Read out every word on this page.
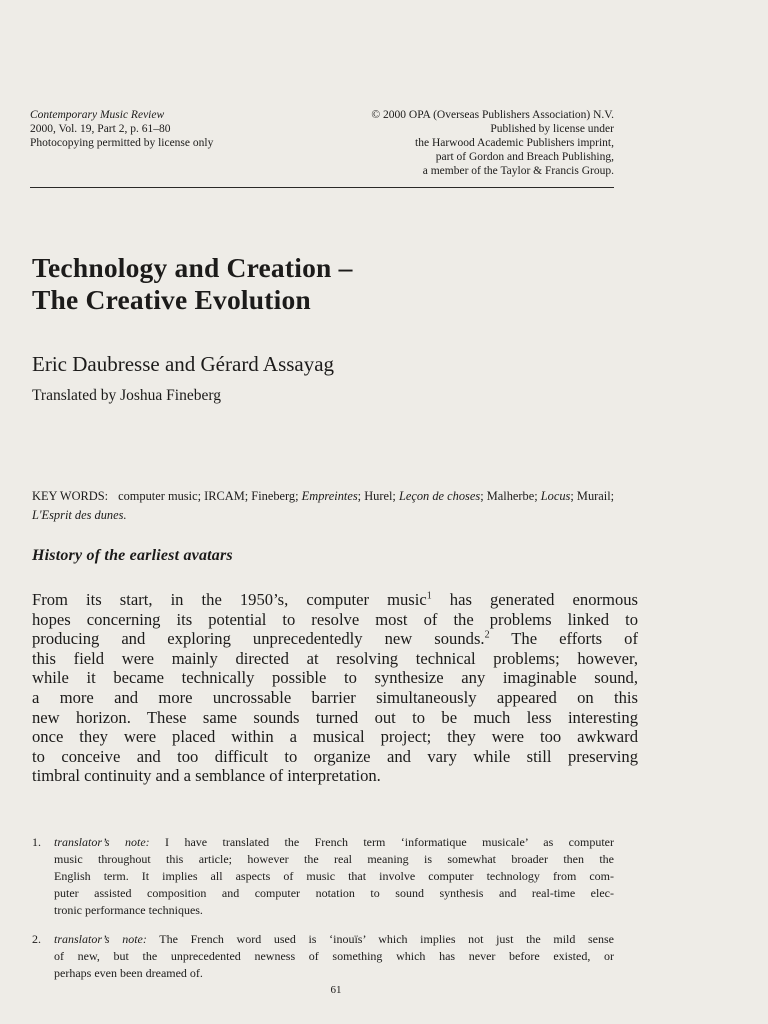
Contemporary Music Review
2000, Vol. 19, Part 2, p. 61–80
Photocopying permitted by license only
© 2000 OPA (Overseas Publishers Association) N.V.
Published by license under
the Harwood Academic Publishers imprint,
part of Gordon and Breach Publishing,
a member of the Taylor & Francis Group.
Technology and Creation –
The Creative Evolution
Eric Daubresse and Gérard Assayag
Translated by Joshua Fineberg
KEY WORDS: computer music; IRCAM; Fineberg; Empreintes; Hurel; Leçon de choses; Malherbe; Locus; Murail; L'Esprit des dunes.
History of the earliest avatars
From its start, in the 1950’s, computer music$^1$ has generated enormous
hopes concerning its potential to resolve most of the problems linked to
producing and exploring unprecedentedly new sounds.$^2$ The efforts of
this field were mainly directed at resolving technical problems; however,
while it became technically possible to synthesize any imaginable sound,
a more and more uncrossable barrier simultaneously appeared on this
new horizon. These same sounds turned out to be much less interesting
once they were placed within a musical project; they were too awkward
to conceive and too difficult to organize and vary while still preserving
timbral continuity and a semblance of interpretation.
1. translator’s note: I have translated the French term ‘informatique musicale’ as computer
music throughout this article; however the real meaning is somewhat broader then the
English term. It implies all aspects of music that involve computer technology from com-
puter assisted composition and computer notation to sound synthesis and real-time elec-
tronic performance techniques.
2. translator’s note: The French word used is ‘inouïs’ which implies not just the mild sense
of new, but the unprecedented newness of something which has never before existed, or
perhaps even been dreamed of.
61
